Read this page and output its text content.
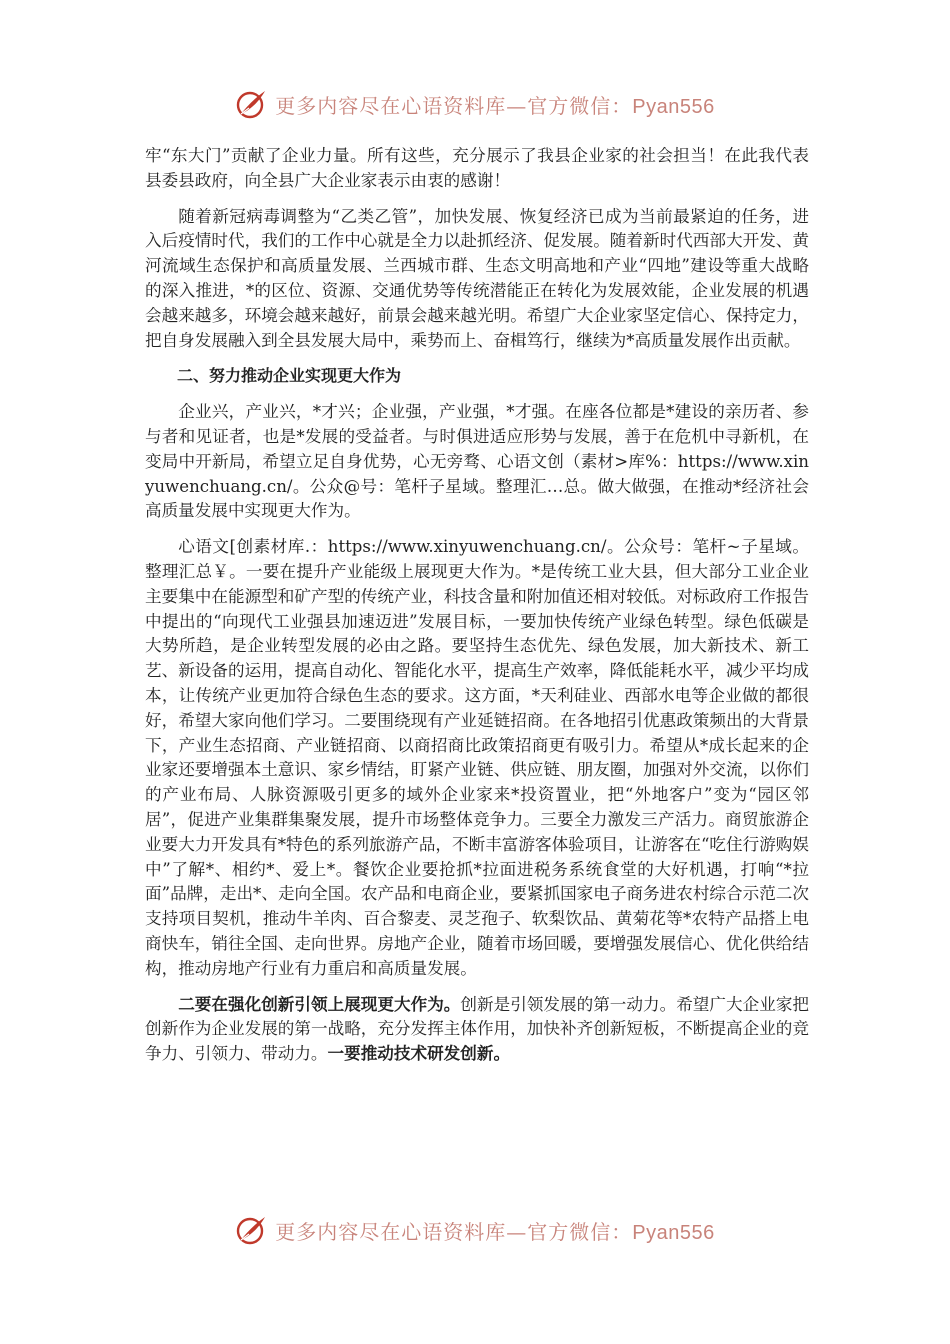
更多内容尽在心语资料库—官方微信：Pyan556

牢“东大门”贡献了企业力量。所有这些，充分展示了我县企业家的社会担当！在此我代表县委县政府，向全县广大企业家表示由衷的感谢！

随着新冠病毒调整为“乙类乙管”，加快发展、恢复经济已成为当前最紧迫的任务，进入后疫情时代，我们的工作中心就是全力以赴抓经济、促发展。随着新时代西部大开发、黄河流域生态保护和高质量发展、兰西城市群、生态文明高地和产业“四地”建设等重大战略的深入推进，*的区位、资源、交通优势等传统潜能正在转化为发展效能，企业发展的机遇会越来越多，环境会越来越好，前景会越来越光明。希望广大企业家坚定信心、保持定力，把自身发展融入到全县发展大局中，乘势而上、奋楫笃行，继续为*高质量发展作出贡献。

二、努力推动企业实现更大作为

企业兴，产业兴，*才兴；企业强，产业强，*才强。在座各位都是*建设的亲历者、参与者和见证者，也是*发展的受益者。与时俱进适应形势与发展，善于在危机中寻新机，在变局中开新局，希望立足自身优势，心无旁骛、心语文创（素材>库%：https://www.xinyuwenchuang.cn/。公众@号：笔杆子星域。整理汇…总。做大做强，在推动*经济社会高质量发展中实现更大作为。

心语文[创素材库.：https://www.xinyuwenchuang.cn/。公众号：笔杆~子星域。整理汇总￥。一要在提升产业能级上展现更大作为。*是传统工业大县，但大部分工业企业主要集中在能源型和矿产型的传统产业，科技含量和附加值还相对较低。对标政府工作报告中提出的“向现代工业强县加速迈进”发展目标，一要加快传统产业绿色转型。绿色低碳是大势所趋，是企业转型发展的必由之路。要坚持生态优先、绿色发展，加大新技术、新工艺、新设备的运用，提高自动化、智能化水平，提高生产效率，降低能耗水平，减少平均成本，让传统产业更加符合绿色生态的要求。这方面，*天利硅业、西部水电等企业做的都很好，希望大家向他们学习。二要围绕现有产业延链招商。在各地招引优惠政策频出的大背景下，产业生态招商、产业链招商、以商招商比政策招商更有吸引力。希望从*成长起来的企业家还要增强本土意识、家乡情结，盯紧产业链、供应链、朋友圈，加强对外交流，以你们的产业布局、人脉资源吸引更多的域外企业家来*投资置业，把“外地客户”变为“园区邻居”，促进产业集群集聚发展，提升市场整体竞争力。三要全力激发三产活力。商贸旅游企业要大力开发具有*特色的系列旅游产品，不断丰富游客体验项目，让游客在“吃住行游购娱中”了解*、相约*、爱上*。餐饮企业要抢抓*拉面进税务系统食堂的大好机遇，打响“*拉面”品牌，走出*、走向全国。农产品和电商企业，要紧抓国家电子商务进农村综合示范二次支持项目契机，推动牛羊肉、百合黎麦、灵芝孢子、软梨饮品、黄菊花等*农特产品搭上电商快车，销往全国、走向世界。房地产企业，随着市场回暖，要增强发展信心、优化供给结构，推动房地产行业有力重启和高质量发展。

二要在强化创新引领上展现更大作为。创新是引领发展的第一动力。希望广大企业家把创新作为企业发展的第一战略，充分发挥主体作用，加快补齐创新短板，不断提高企业的竞争力、引领力、带动力。一要推动技术研发创新。

更多内容尽在心语资料库—官方微信：Pyan556
